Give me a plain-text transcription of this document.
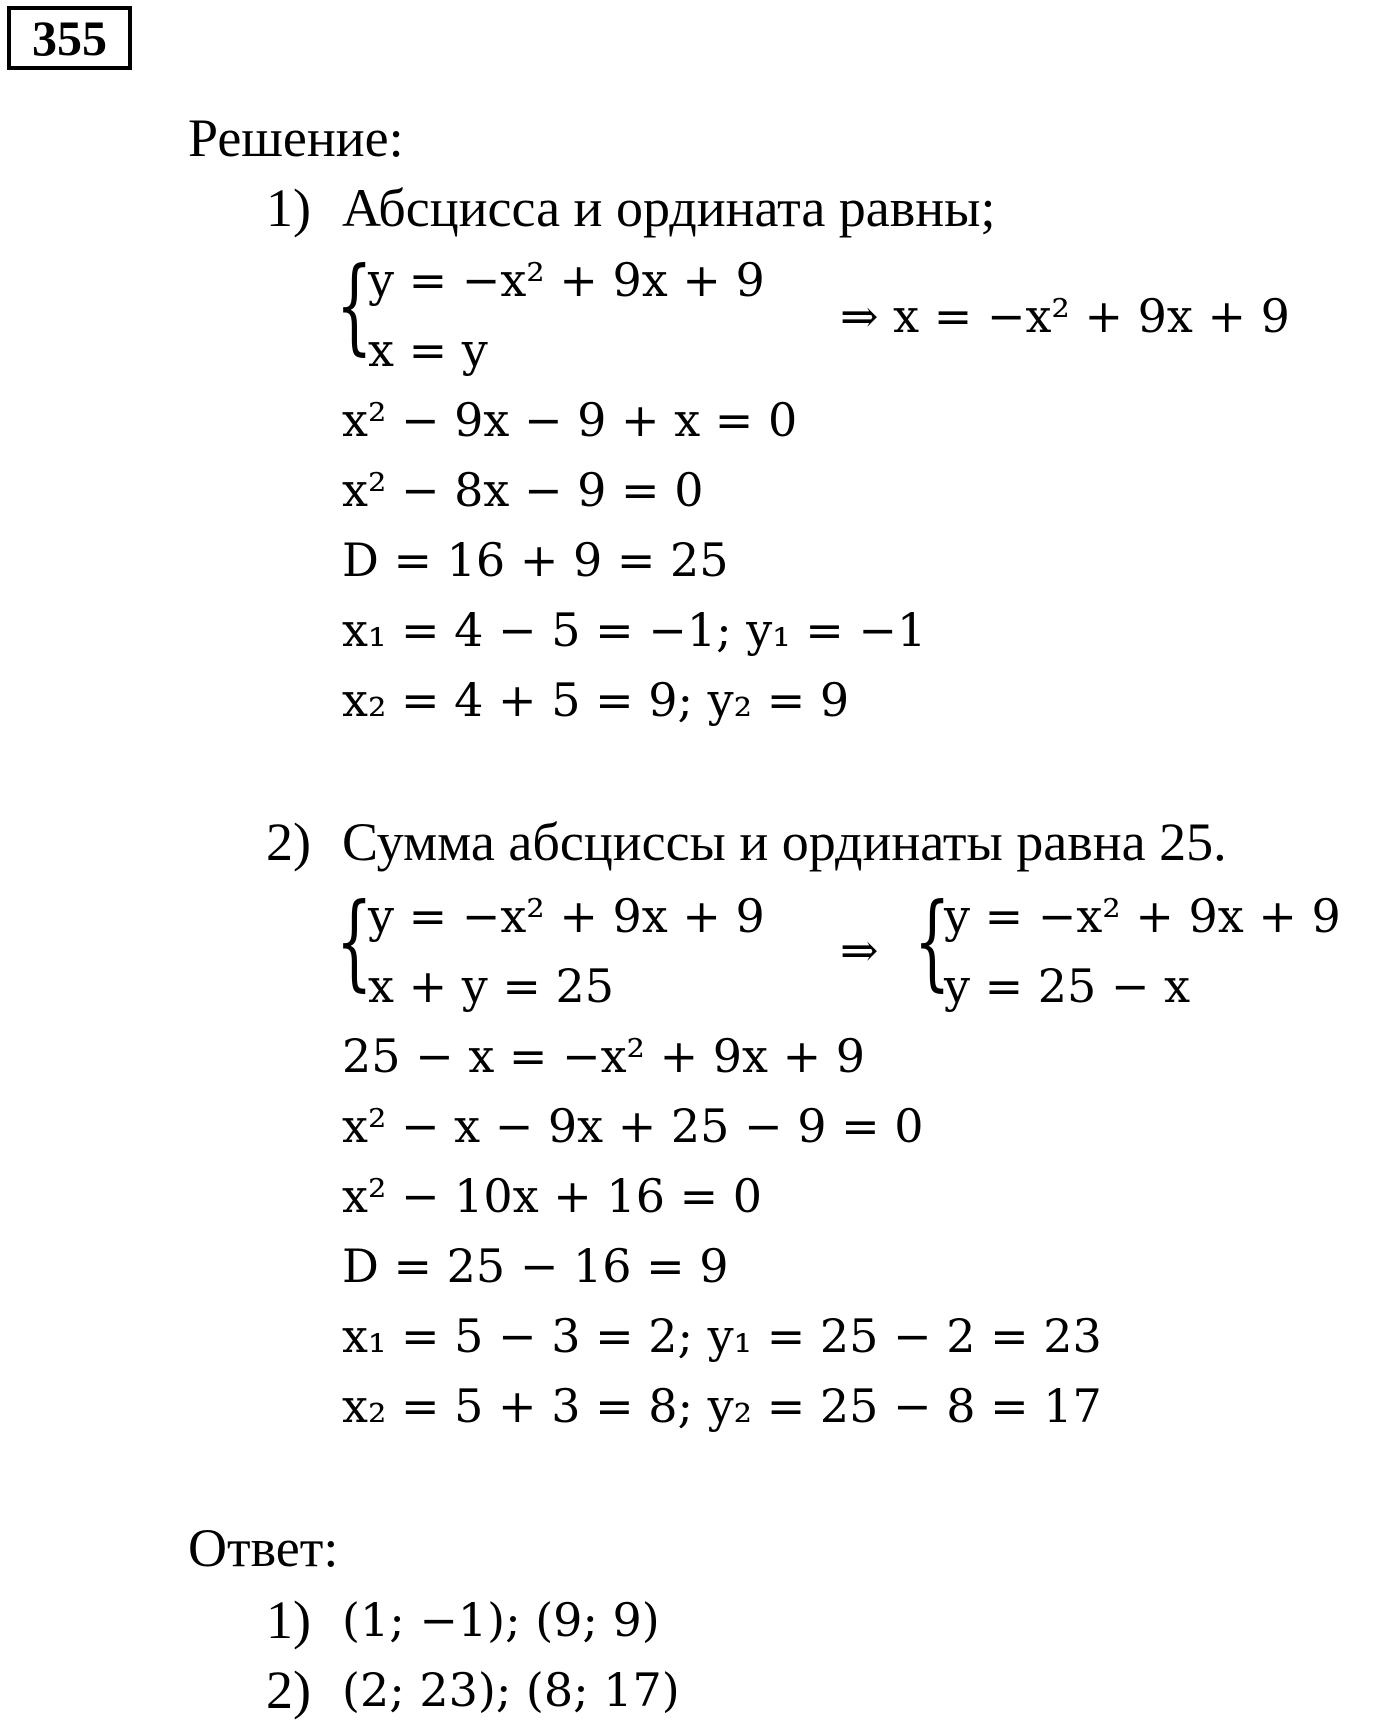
355
Решение:
1) Абсцисса и ордината равны;
{
y = −x² + 9x + 9
x = y
⇒ x = −x² + 9x + 9
x² − 9x − 9 + x = 0
x² − 8x − 9 = 0
D = 16 + 9 = 25
x₁ = 4 − 5 = −1; y₁ = −1
x₂ = 4 + 5 = 9; y₂ = 9
2) Сумма абсциссы и ординаты равна 25.
{
y = −x² + 9x + 9
x + y = 25
⇒ {
y = −x² + 9x + 9
y = 25 − x
25 − x = −x² + 9x + 9
x² − x − 9x + 25 − 9 = 0
x² − 10x + 16 = 0
D = 25 − 16 = 9
x₁ = 5 − 3 = 2; y₁ = 25 − 2 = 23
x₂ = 5 + 3 = 8; y₂ = 25 − 8 = 17
Ответ:
1) (1; −1); (9; 9)
2) (2; 23); (8; 17)
